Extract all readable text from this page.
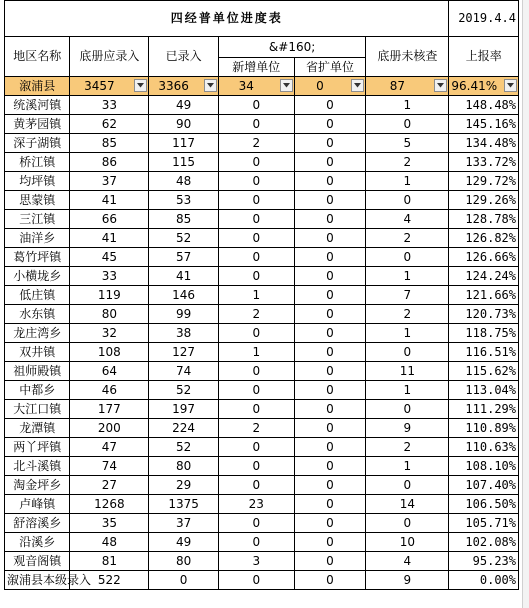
四经普单位进度表						2019.4.4
地区名称	底册应录入	已录入	&#160;		底册未核查	上报率
			新增单位	省扩单位		
溆浦县	3457	3366	34	0	87	96.41%

统溪河镇	33	49	0	0	1	148.48%
黄茅园镇	62	90	0	0	0	145.16%
深子湖镇	85	117	2	0	5	134.48%
桥江镇	86	115	0	0	2	133.72%
均坪镇	37	48	0	0	1	129.72%
思蒙镇	41	53	0	0	0	129.26%
三江镇	66	85	0	0	4	128.78%
油洋乡	41	52	0	0	2	126.82%
葛竹坪镇	45	57	0	0	0	126.66%
小横垅乡	33	41	0	0	1	124.24%
低庄镇	119	146	1	0	7	121.66%
水东镇	80	99	2	0	2	120.73%
龙庄湾乡	32	38	0	0	1	118.75%
双井镇	108	127	1	0	0	116.51%
祖师殿镇	64	74	0	0	11	115.62%
中都乡	46	52	0	0	1	113.04%
大江口镇	177	197	0	0	0	111.29%
龙潭镇	200	224	2	0	9	110.89%
两丫坪镇	47	52	0	0	2	110.63%
北斗溪镇	74	80	0	0	1	108.10%
淘金坪乡	27	29	0	0	0	107.40%
卢峰镇	1268	1375	23	0	14	106.50%
舒溶溪乡	35	37	0	0	0	105.71%
沿溪乡	48	49	0	0	10	102.08%
观音阁镇	81	80	3	0	4	95.23%
溆浦县本级录入	522	0	0	0	9	0.00%
